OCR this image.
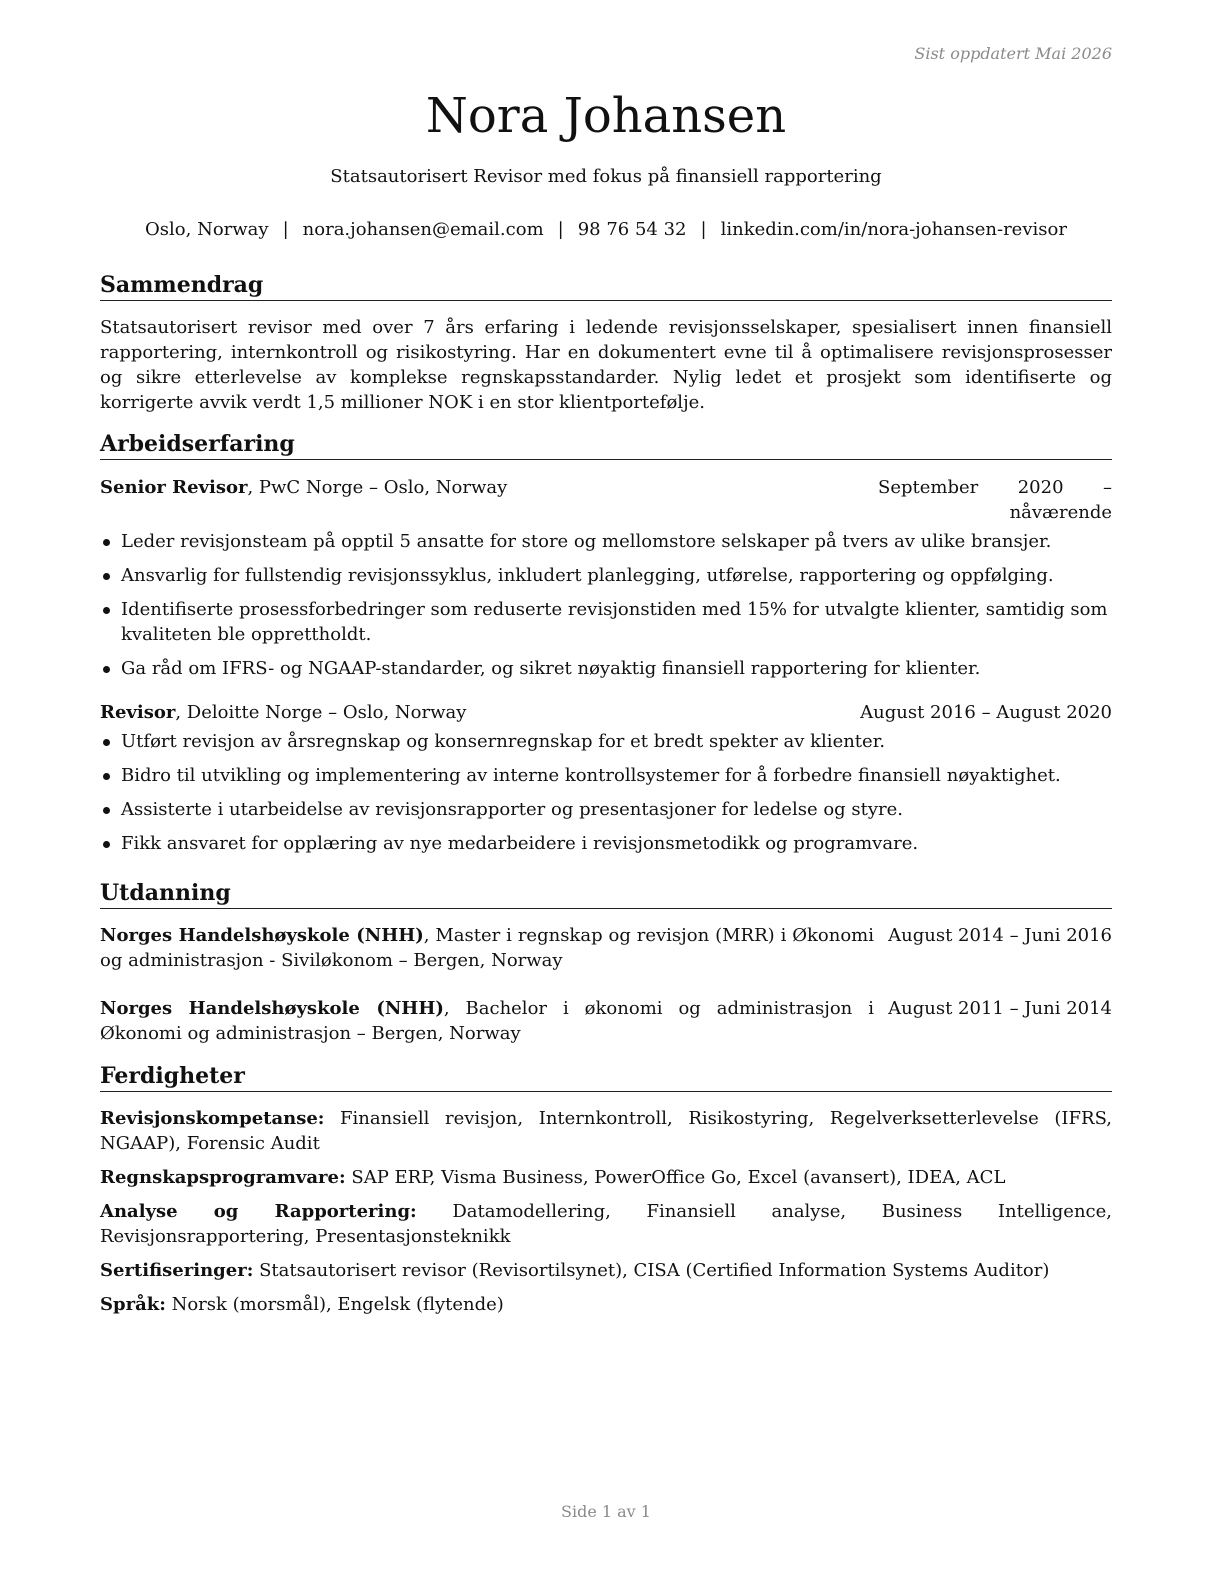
Sist oppdatert Mai 2026
Nora Johansen
Statsautorisert Revisor med fokus på finansiell rapportering
Oslo, Norway | nora.johansen@email.com | 98 76 54 32 | linkedin.com/in/nora-johansen-revisor
Sammendrag

Statsautorisert revisor med over 7 års erfaring i ledende revisjonsselskaper, spesialisert innen finansiell rapportering, internkontroll og risikostyring. Har en dokumentert evne til å optimalisere revisjonsprosesser og sikre etterlevelse av komplekse regnskapsstandarder. Nylig ledet et prosjekt som identifiserte og korrigerte avvik verdt 1,5 millioner NOK i en stor klientportefølje.

Arbeidserfaring
Senior Revisor, PwC Norge – Oslo, Norway	September 2020 – nåværende
Leder revisjonsteam på opptil 5 ansatte for store og mellomstore selskaper på tvers av ulike bransjer.
Ansvarlig for fullstendig revisjonssyklus, inkludert planlegging, utførelse, rapportering og oppfølging.
Identifiserte prosessforbedringer som reduserte revisjonstiden med 15% for utvalgte klienter, samtidig som kvaliteten ble opprettholdt.
Ga råd om IFRS- og NGAAP-standarder, og sikret nøyaktig finansiell rapportering for klienter.
Revisor, Deloitte Norge – Oslo, Norway	August 2016 – August 2020
Utført revisjon av årsregnskap og konsernregnskap for et bredt spekter av klienter.
Bidro til utvikling og implementering av interne kontrollsystemer for å forbedre finansiell nøyaktighet.
Assisterte i utarbeidelse av revisjonsrapporter og presentasjoner for ledelse og styre.
Fikk ansvaret for opplæring av nye medarbeidere i revisjonsmetodikk og programvare.
Utdanning
Norges Handelshøyskole (NHH), Master i regnskap og revisjon (MRR) i Økonomi og administrasjon - Siviløkonom – Bergen, Norway
August 2014 – Juni 2016
Norges Handelshøyskole (NHH), Bachelor i økonomi og administrasjon i Økonomi og administrasjon – Bergen, Norway
August 2011 – Juni 2014
Ferdigheter
Revisjonskompetanse: Finansiell revisjon, Internkontroll, Risikostyring, Regelverksetterlevelse (IFRS, NGAAP), Forensic Audit
Regnskapsprogramvare: SAP ERP, Visma Business, PowerOffice Go, Excel (avansert), IDEA, ACL
Analyse og Rapportering: Datamodellering, Finansiell analyse, Business Intelligence, Revisjonsrapportering, Presentasjonsteknikk
Sertifiseringer: Statsautorisert revisor (Revisortilsynet), CISA (Certified Information Systems Auditor)
Språk: Norsk (morsmål), Engelsk (flytende)
Side 1 av 1
